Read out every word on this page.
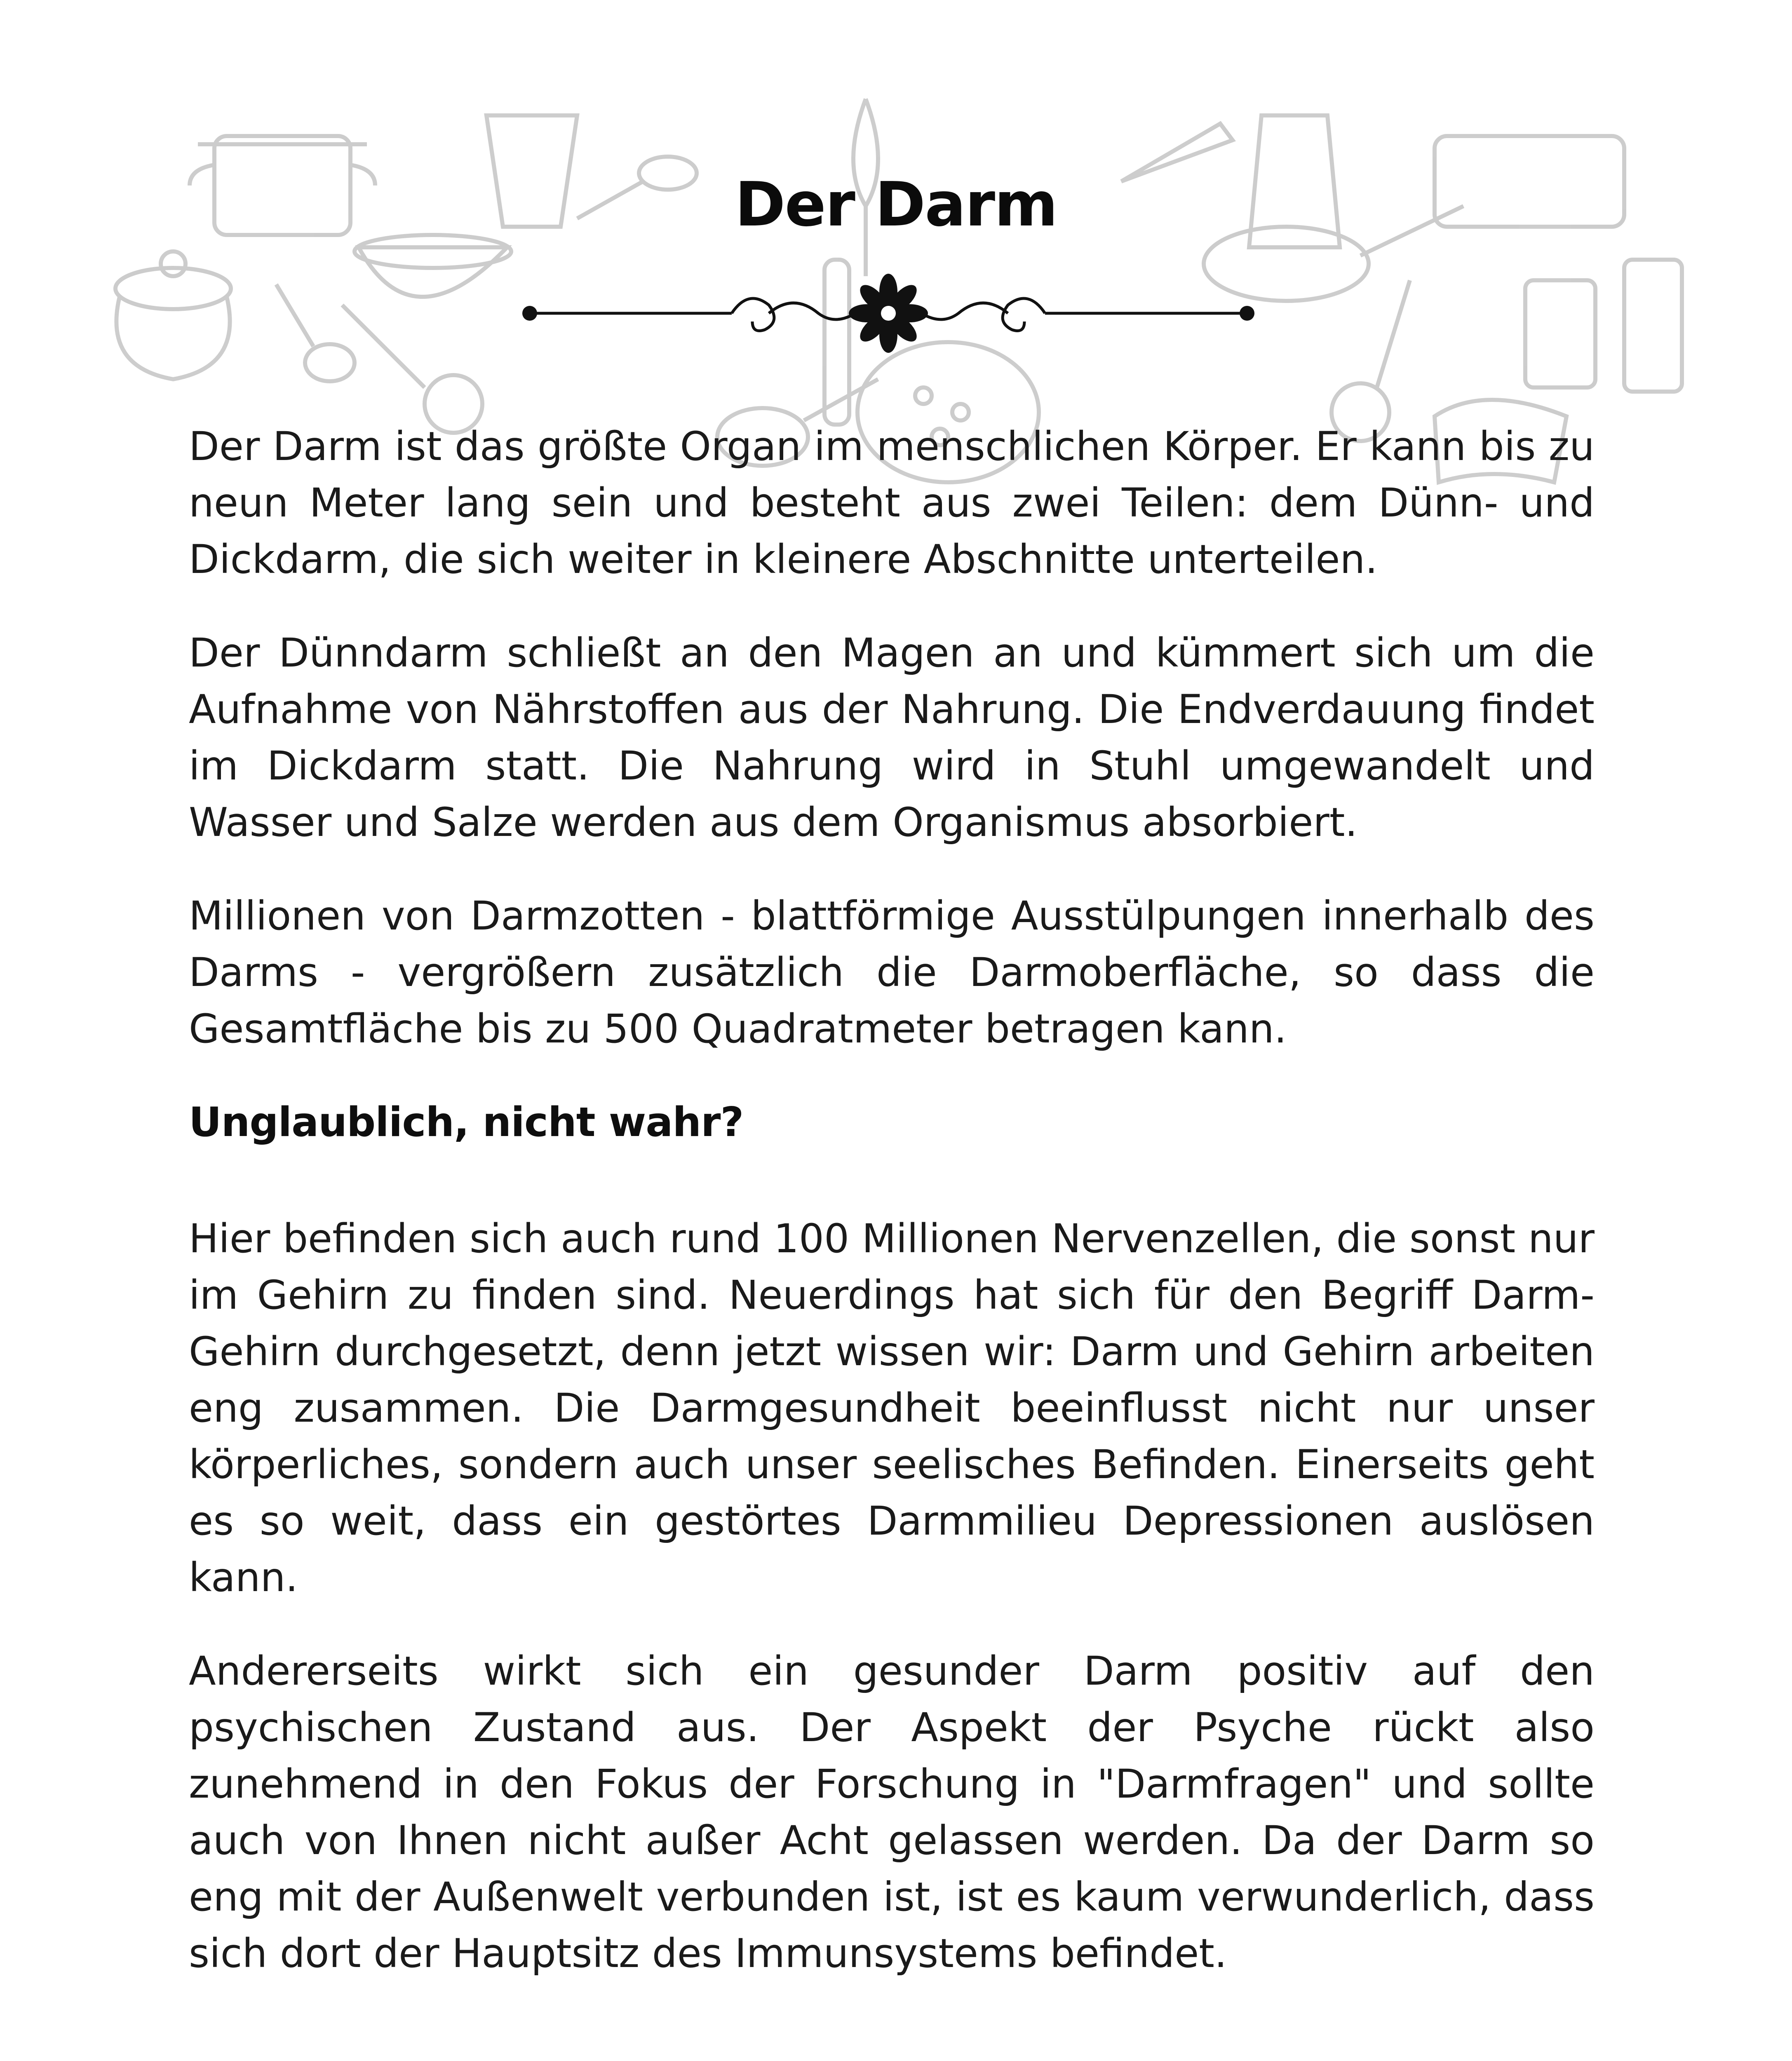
Der Darm

Der Darm ist das größte Organ im menschlichen Körper. Er kann bis zu neun Meter lang sein und besteht aus zwei Teilen: dem Dünn- und Dickdarm, die sich weiter in kleinere Abschnitte unterteilen.

Der Dünndarm schließt an den Magen an und kümmert sich um die Aufnahme von Nährstoffen aus der Nahrung. Die Endverdauung findet im Dickdarm statt. Die Nahrung wird in Stuhl umgewandelt und Wasser und Salze werden aus dem Organismus absorbiert.

Millionen von Darmzotten - blattförmige Ausstülpungen innerhalb des Darms - vergrößern zusätzlich die Darmoberfläche, so dass die Gesamtfläche bis zu 500 Quadratmeter betragen kann.

Unglaublich, nicht wahr?

Hier befinden sich auch rund 100 Millionen Nervenzellen, die sonst nur im Gehirn zu finden sind. Neuerdings hat sich für den Begriff Darm-Gehirn durchgesetzt, denn jetzt wissen wir: Darm und Gehirn arbeiten eng zusammen. Die Darmgesundheit beeinflusst nicht nur unser körperliches, sondern auch unser seelisches Befinden. Einerseits geht es so weit, dass ein gestörtes Darmmilieu Depressionen auslösen kann.

Andererseits wirkt sich ein gesunder Darm positiv auf den psychischen Zustand aus. Der Aspekt der Psyche rückt also zunehmend in den Fokus der Forschung in "Darmfragen" und sollte auch von Ihnen nicht außer Acht gelassen werden. Da der Darm so eng mit der Außenwelt verbunden ist, ist es kaum verwunderlich, dass sich dort der Hauptsitz des Immunsystems befindet.
